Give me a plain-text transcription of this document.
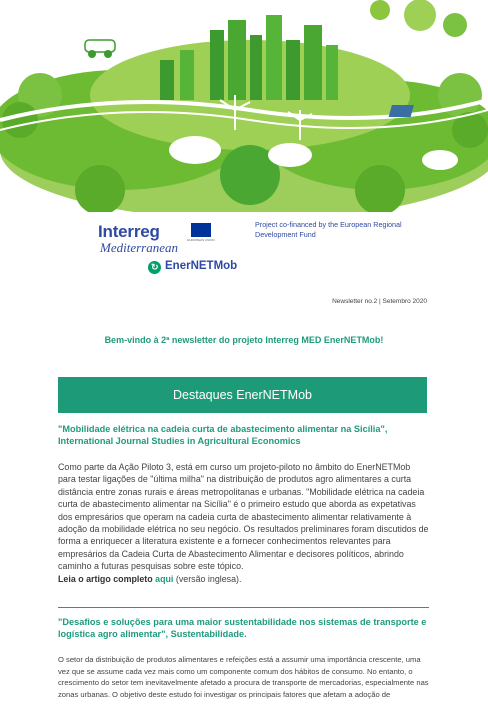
Interreg	EUROPEAN UNION
Mediterranean
Project co-financed by the European Regional Development Fund
↻ EnerNETMob
Newsletter no.2 | Setembro 2020
Bem-vindo à 2ª newsletter do projeto Interreg MED EnerNETMob!
Destaques EnerNETMob
"Mobilidade elétrica na cadeia curta de abastecimento alimentar na Sicília", International Journal Studies in Agricultural Economics
Como parte da Ação Piloto 3, está em curso um projeto-piloto no âmbito do EnerNETMob para testar ligações de "última milha" na distribuição de produtos agro alimentares a curta distância entre zonas rurais e áreas metropolitanas e urbanas. "Mobilidade elétrica na cadeia curta de abastecimento alimentar na Sicília" é o primeiro estudo que aborda as expetativas dos empresários que operam na cadeia curta de abastecimento alimentar relativamente à adoção da mobilidade elétrica no seu negócio. Os resultados preliminares foram discutidos de forma a enriquecer a literatura existente e a fornecer conhecimentos relevantes para empresários da Cadeia Curta de Abastecimento Alimentar e decisores políticos, abrindo caminho a futuras pesquisas sobre este tópico.
Leia o artigo completo aqui (versão inglesa).
"Desafios e soluções para uma maior sustentabilidade nos sistemas de transporte e logística agro alimentar", Sustentabilidade.
O setor da distribuição de produtos alimentares e refeições está a assumir uma importância crescente, uma vez que se assume cada vez mais como um componente comum dos hábitos de consumo. No entanto, o crescimento do setor tem inevitavelmente afetado a procura de transporte de mercadorias, especialmente nas zonas urbanas. O objetivo deste estudo foi investigar os principais fatores que afetam a adoção de
